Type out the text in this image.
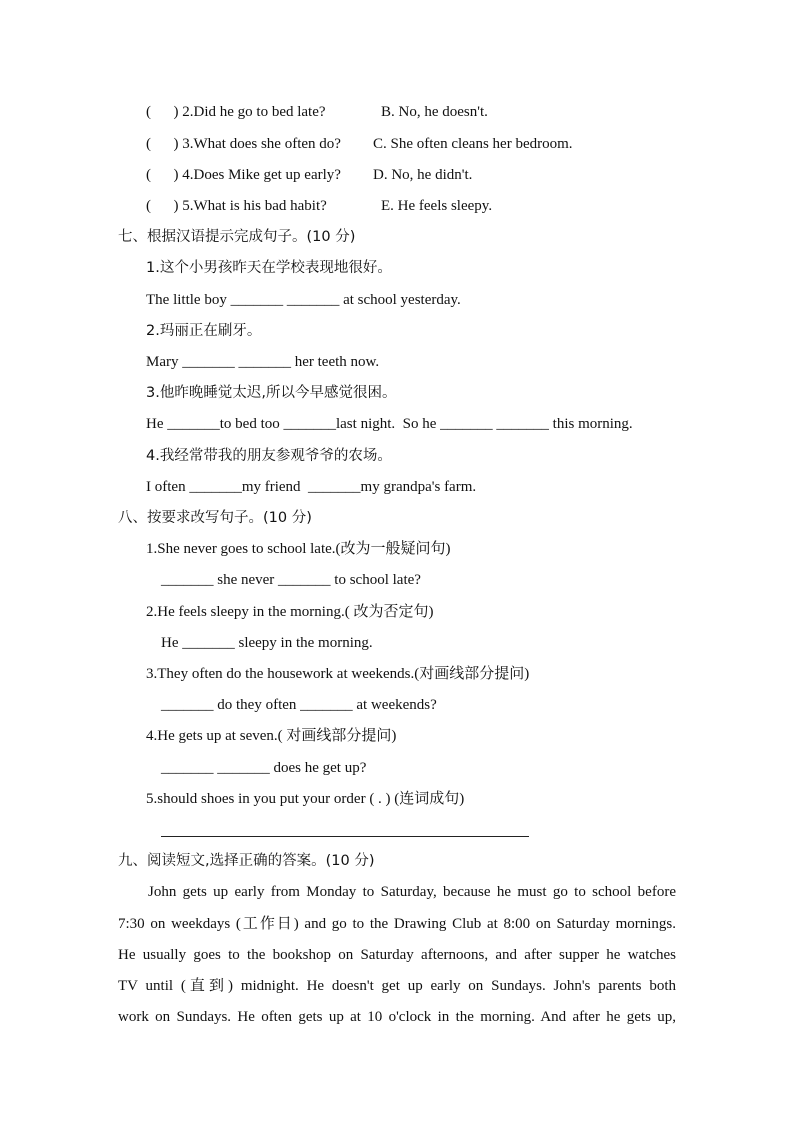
(      ) 2.Did he go to bed late?	B. No, he doesn't.
(      ) 3.What does she often do? C. She often cleans her bedroom.
(      ) 4.Does Mike get up early? D. No, he didn't.
(      ) 5.What is his bad habit?	E. He feels sleepy.
七、根据汉语提示完成句子。(10 分)
1.这个小男孩昨天在学校表现地很好。
The little boy _______ _______ at school yesterday.
2.玛丽正在刷牙。
Mary _______ _______ her teeth now.
3.他昨晚睡觉太迟,所以今早感觉很困。
He _______to bed too _______last night.  So he _______ _______ this morning.
4.我经常带我的朋友参观爷爷的农场。
I often _______my friend  _______my grandpa's farm.
八、按要求改写句子。(10 分)
1.She never goes to school late.(改为一般疑问句)
_______ she never _______ to school late?
2.He feels sleepy in the morning.( 改为否定句)
He _______ sleepy in the morning.
3.They often do the housework at weekends.(对画线部分提问)
_______ do they often _______ at weekends?
4.He gets up at seven.( 对画线部分提问)
_______ _______ does he get up?
5.should shoes in you put your order ( . ) (连词成句)
九、阅读短文,选择正确的答案。(10 分)
John gets up early from Monday to Saturday, because he must go to school before
7:30 on weekdays (工作日) and go to the Drawing Club at 8:00 on Saturday mornings.
He usually goes to the bookshop on Saturday afternoons, and after supper he watches
TV until (直到) midnight. He doesn't get up early on Sundays. John's parents both
work on Sundays. He often gets up at 10 o'clock in the morning. And after he gets up,
